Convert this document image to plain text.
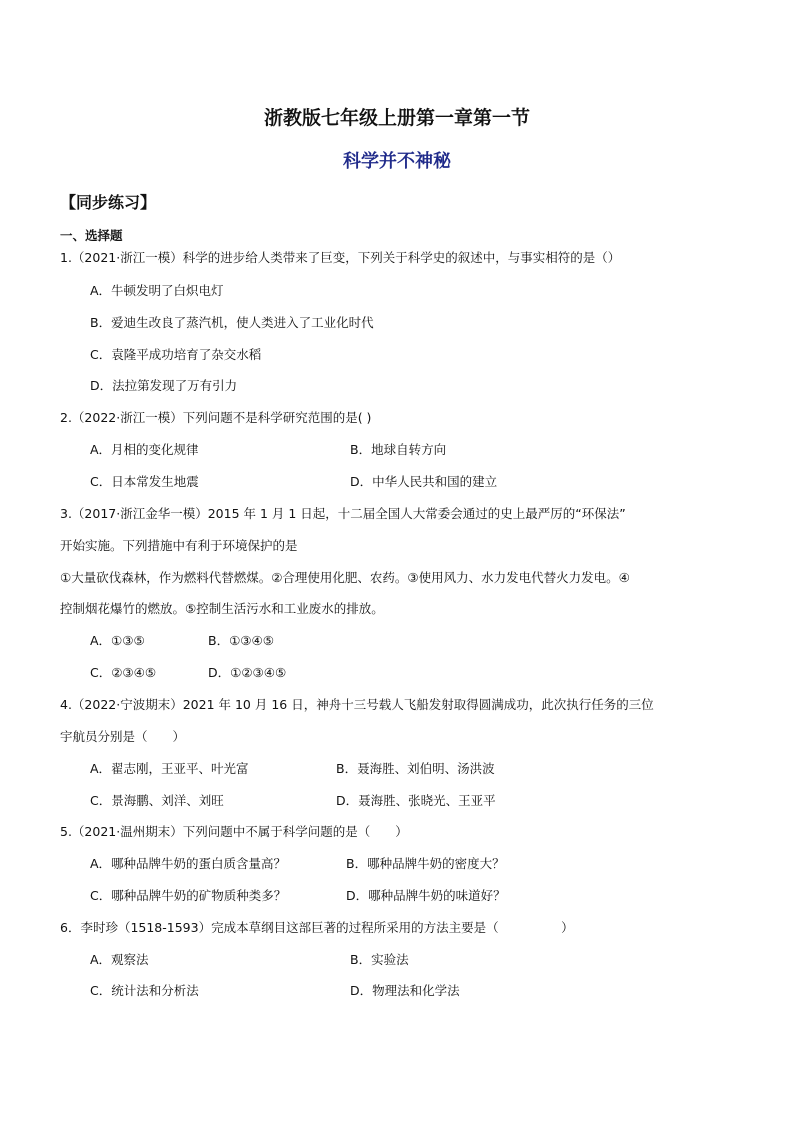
浙教版七年级上册第一章第一节
科学并不神秘
【同步练习】
一、选择题
1.（2021·浙江一模）科学的进步给人类带来了巨变，下列关于科学史的叙述中，与事实相符的是（）
A．牛顿发明了白炽电灯
B．爱迪生改良了蒸汽机，使人类进入了工业化时代
C．袁隆平成功培育了杂交水稻
D．法拉第发现了万有引力
2.（2022·浙江一模）下列问题不是科学研究范围的是( )
A．月相的变化规律	B．地球自转方向
C．日本常发生地震	D．中华人民共和国的建立
3.（2017·浙江金华一模）2015 年 1 月 1 日起，十二届全国人大常委会通过的史上最严厉的“环保法”
开始实施。下列措施中有利于环境保护的是
①大量砍伐森林，作为燃料代替燃煤。②合理使用化肥、农药。③使用风力、水力发电代替火力发电。④
控制烟花爆竹的燃放。⑤控制生活污水和工业废水的排放。
A．①③⑤	B．①③④⑤
C．②③④⑤	D．①②③④⑤
4.（2022·宁波期末）2021 年 10 月 16 日，神舟十三号载人飞船发射取得圆满成功，此次执行任务的三位
宇航员分别是（　　）
A．翟志刚，王亚平、叶光富	B．聂海胜、刘伯明、汤洪波
C．景海鹏、刘洋、刘旺	D．聂海胜、张晓光、王亚平
5.（2021·温州期末）下列问题中不属于科学问题的是（　　）
A．哪种品牌牛奶的蛋白质含量高？	B．哪种品牌牛奶的密度大？
C．哪种品牌牛奶的矿物质种类多？	D．哪种品牌牛奶的味道好？
6．李时珍（1518-1593）完成本草纲目这部巨著的过程所采用的方法主要是（　　　　　）
A．观察法	B．实验法
C．统计法和分析法	D．物理法和化学法
